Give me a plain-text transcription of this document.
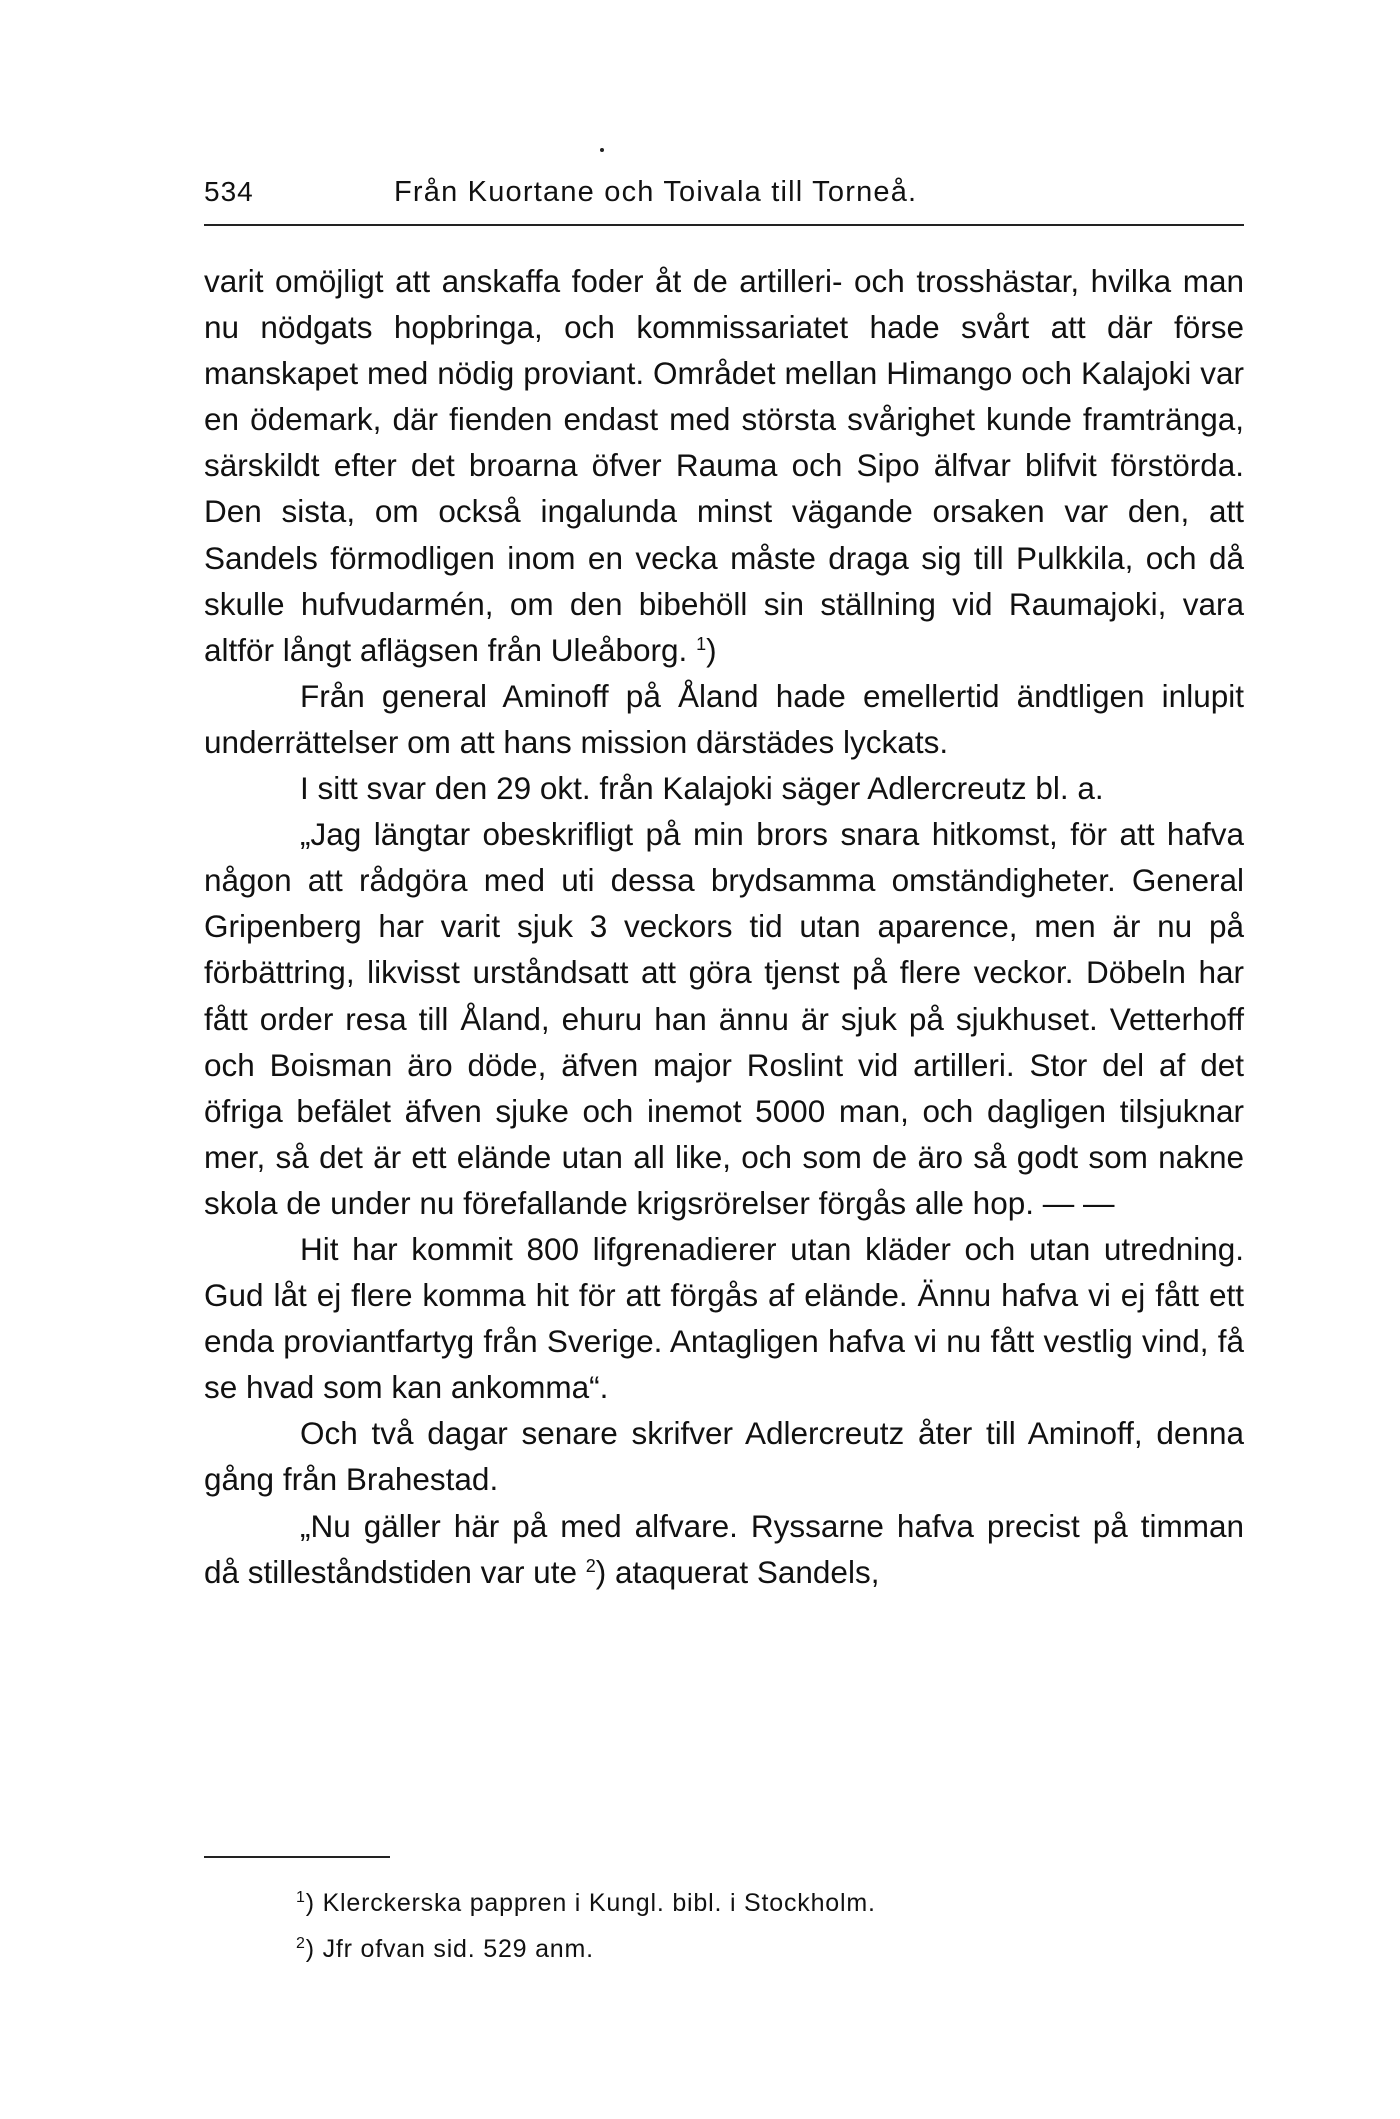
534	Från Kuortane och Toivala till Torneå.

varit omöjligt att anskaffa foder åt de artilleri- och trosshästar, hvilka man nu nödgats hopbringa, och kommissariatet hade svårt att där förse manskapet med nödig proviant. Området mellan Himango och Kalajoki var en ödemark, där fienden endast med största svårighet kunde framtränga, särskildt efter det broarna öfver Rauma och Sipo älfvar blifvit förstörda. Den sista, om också ingalunda minst vägande orsaken var den, att Sandels förmodligen inom en vecka måste draga sig till Pulkkila, och då skulle hufvudarmén, om den bibehöll sin ställning vid Raumajoki, vara altför långt aflägsen från Uleåborg. $^1$)

Från general Aminoff på Åland hade emellertid ändtligen inlupit underrättelser om att hans mission därstädes lyckats.

I sitt svar den 29 okt. från Kalajoki säger Adlercreutz bl. a.

„Jag längtar obeskrifligt på min brors snara hitkomst, för att hafva någon att rådgöra med uti dessa brydsamma omständigheter. General Gripenberg har varit sjuk 3 veckors tid utan aparence, men är nu på förbättring, likvisst urståndsatt att göra tjenst på flere veckor. Döbeln har fått order resa till Åland, ehuru han ännu är sjuk på sjukhuset. Vetterhoff och Boisman äro döde, äfven major Roslint vid artilleri. Stor del af det öfriga befälet äfven sjuke och inemot 5000 man, och dagligen tilsjuknar mer, så det är ett elände utan all like, och som de äro så godt som nakne skola de under nu förefallande krigsrörelser förgås alle hop. — —

Hit har kommit 800 lifgrenadierer utan kläder och utan utredning. Gud låt ej flere komma hit för att förgås af elände. Ännu hafva vi ej fått ett enda proviantfartyg från Sverige. Antagligen hafva vi nu fått vestlig vind, få se hvad som kan ankomma“.

Och två dagar senare skrifver Adlercreutz åter till Aminoff, denna gång från Brahestad.

„Nu gäller här på med alfvare. Ryssarne hafva precist på timman då stilleståndstiden var ute $^2$) ataquerat Sandels,

$^1$) Klerckerska pappren i Kungl. bibl. i Stockholm.
$^2$) Jfr ofvan sid. 529 anm.
